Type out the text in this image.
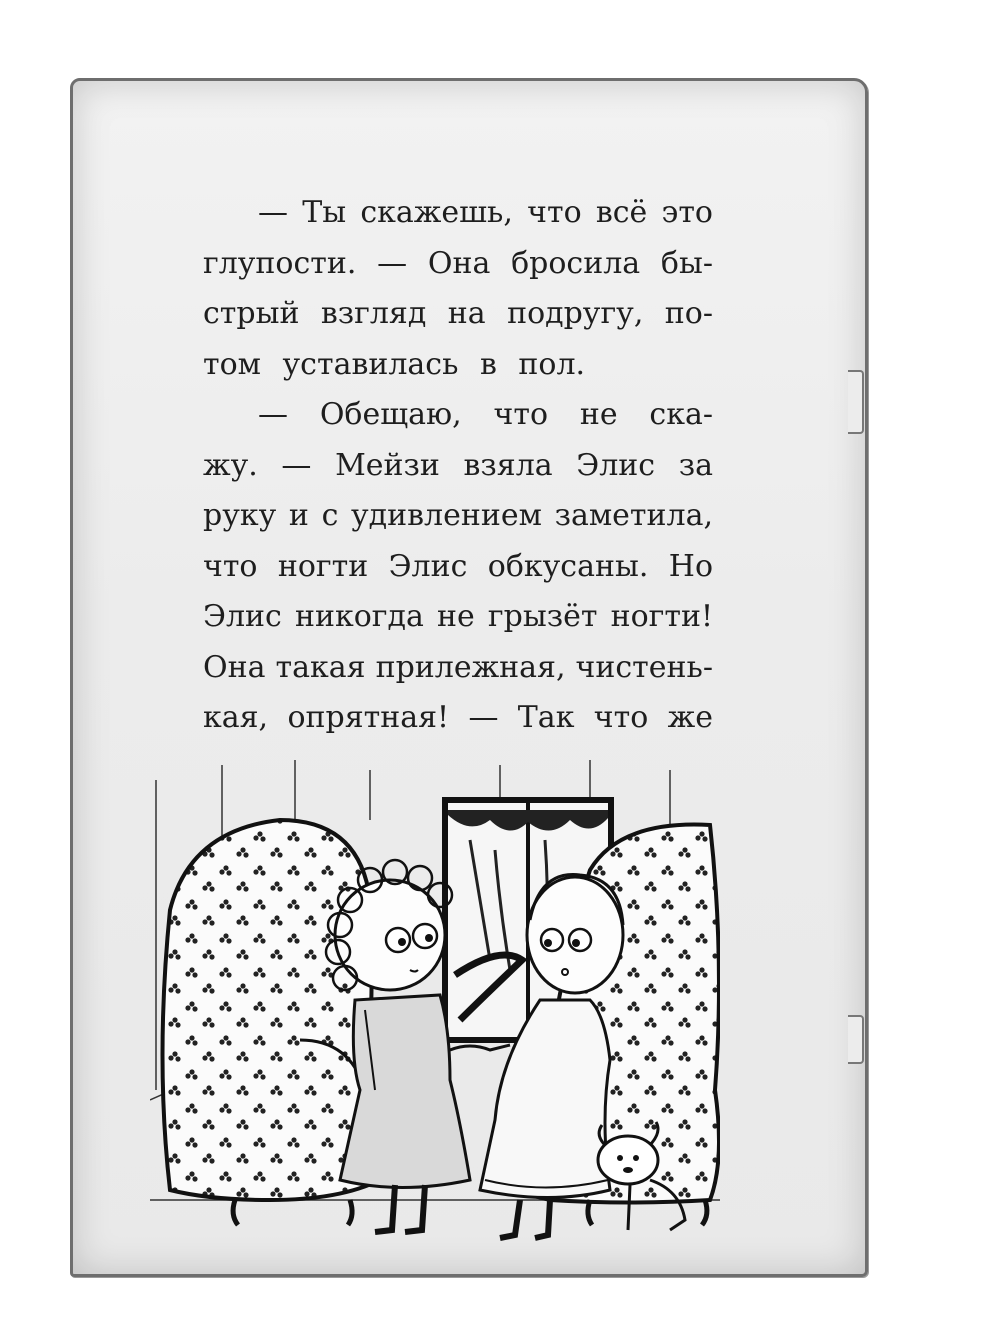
— Ты скажешь, что всё это
глупости. — Она бросила бы-
стрый взгляд на подругу, по-
том уставилась в пол.
— Обещаю, что не ска-
жу. — Мейзи взяла Элис за
руку и с удивлением заметила,
что ногти Элис обкусаны. Но
Элис никогда не грызёт ногти!
Она такая прилежная, чистень-
кая, опрятная! — Так что же
